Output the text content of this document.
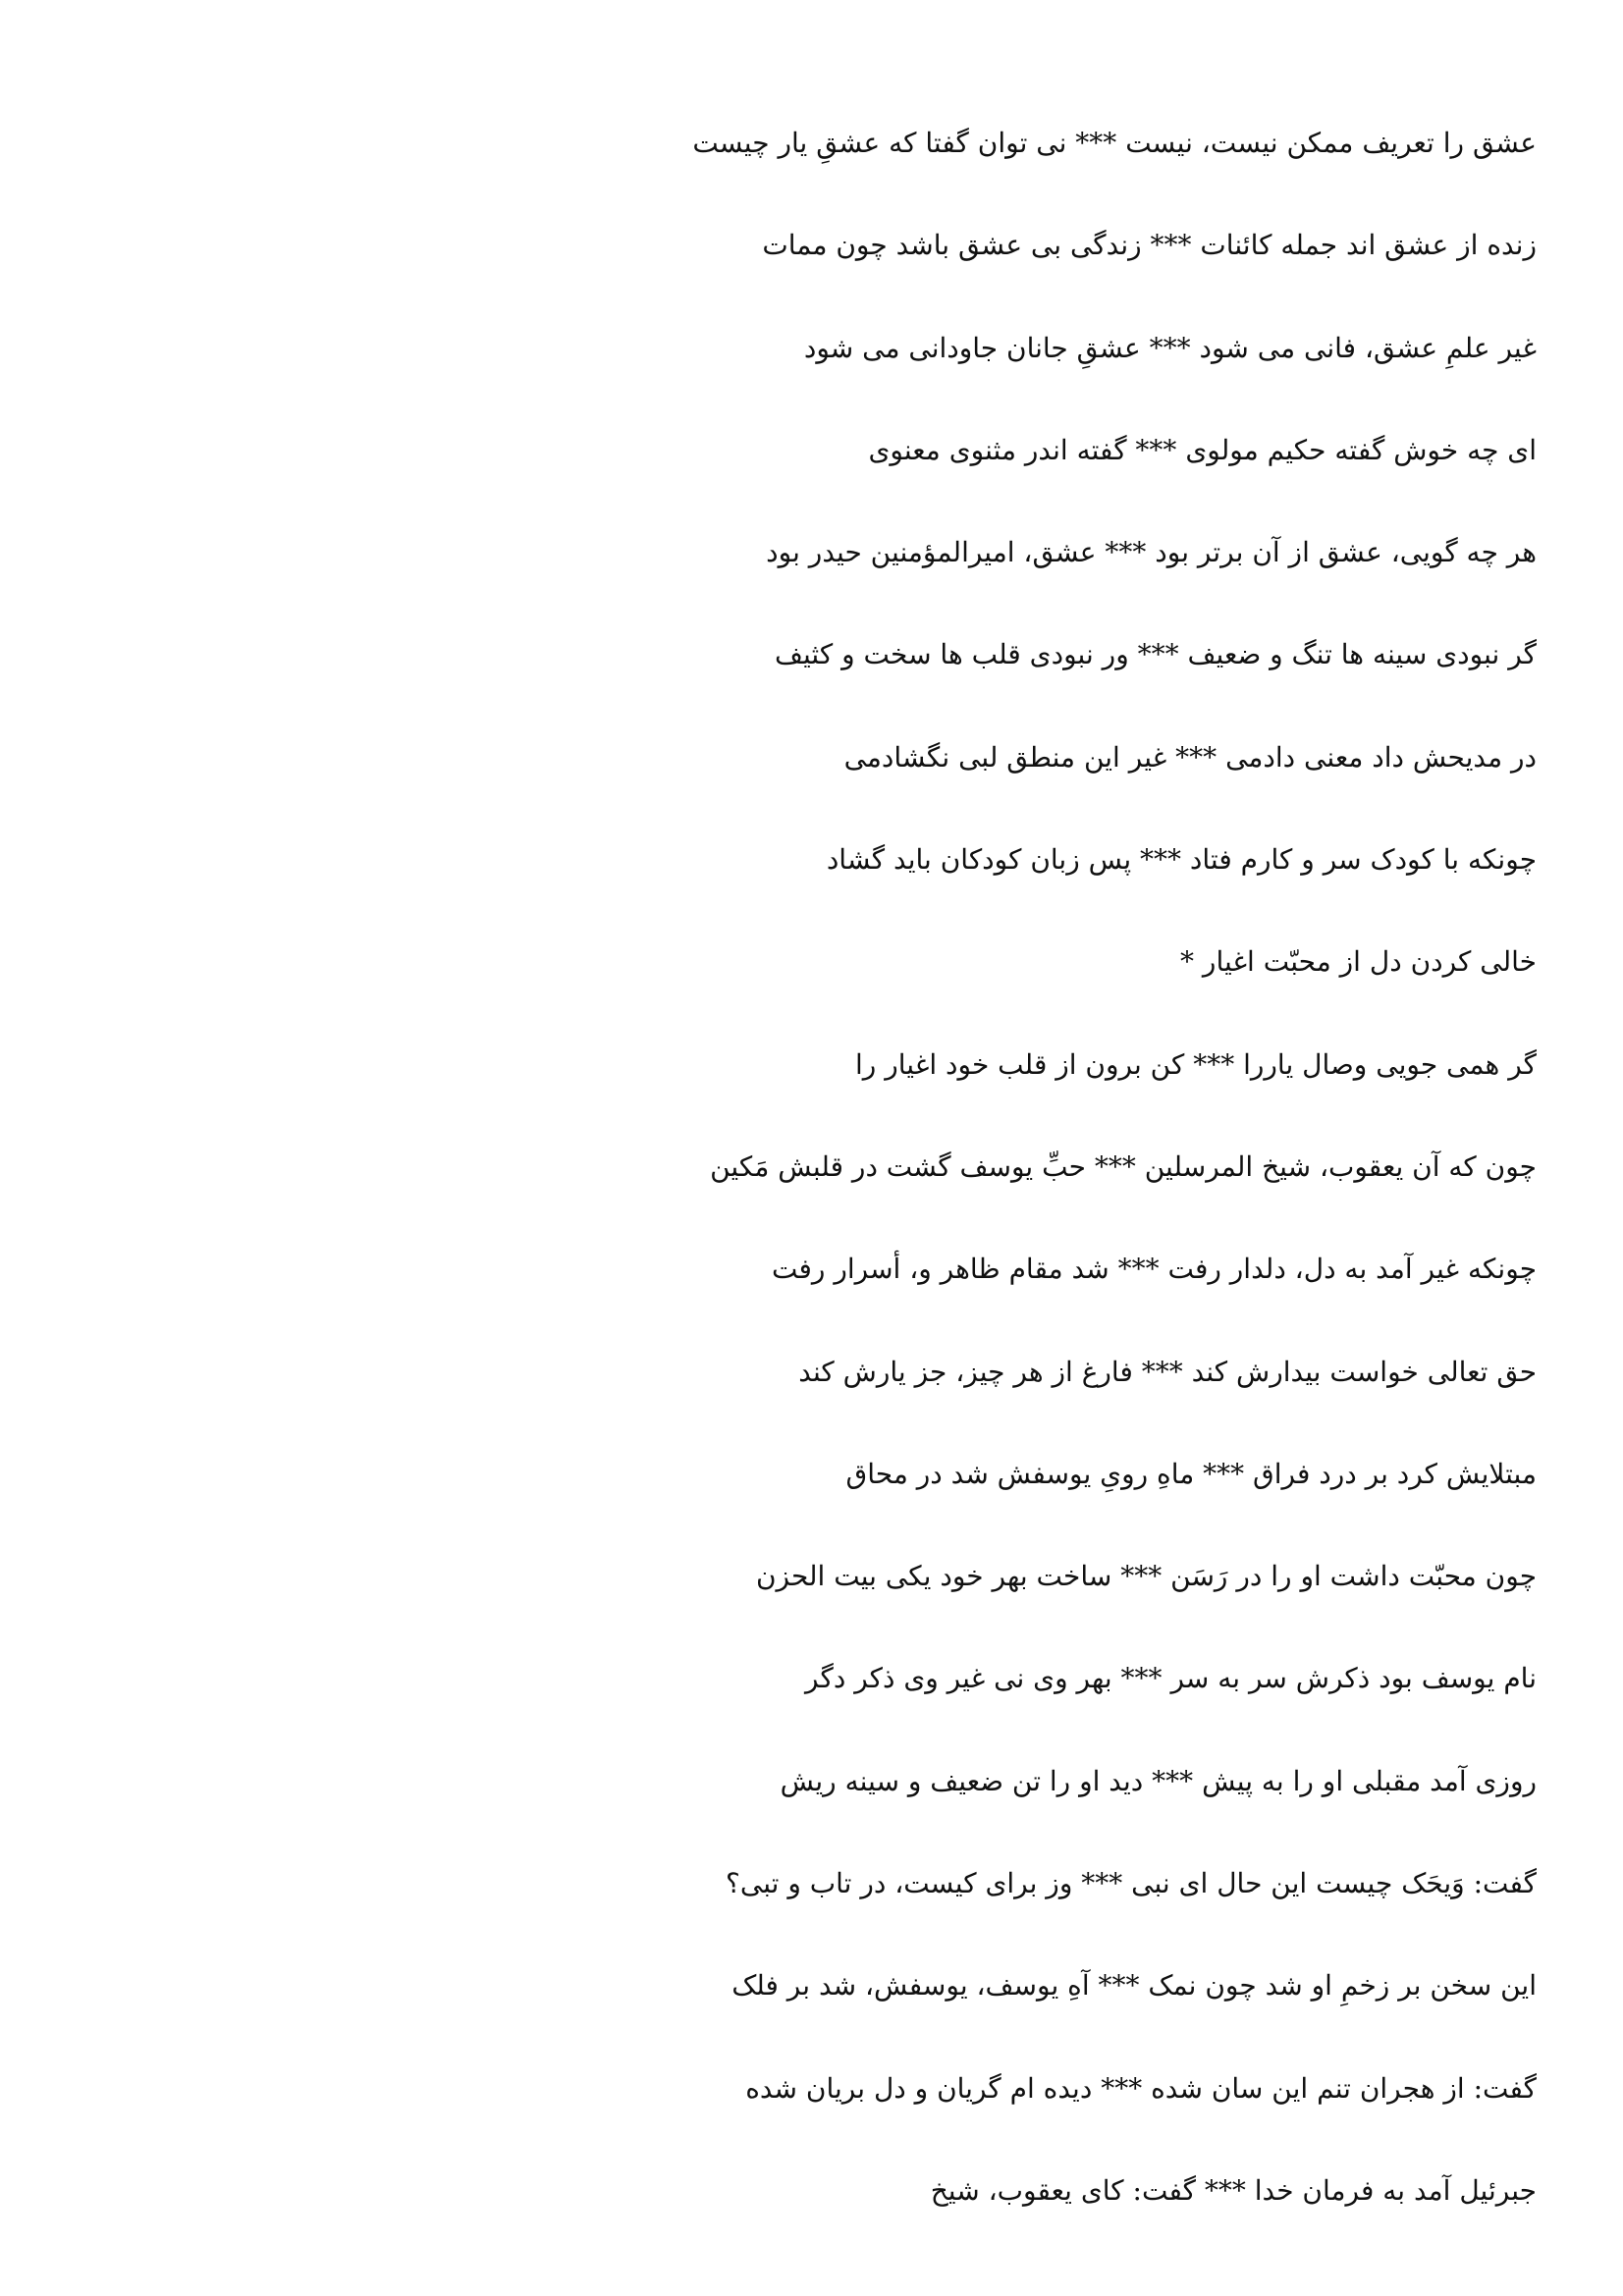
عشق را تعریف ممکن نیست، نیست *** نی توان گفتا که عشقِ یار چیست
زنده از عشق اند جمله کائنات *** زندگی بی عشق باشد چون ممات
غیر علمِ عشق، فانی می شود *** عشقِ جانان جاودانی می شود
ای چه خوش گفته حکیم مولوی *** گفته اندر مثنوی معنوی
هر چه گویی، عشق از آن برتر بود *** عشق، امیرالمؤمنین حیدر بود
گر نبودی سینه ها تنگ و ضعیف *** ور نبودی قلب ها سخت و کثیف
در مدیحش داد معنی دادمی *** غیر این منطق لبی نگشادمی
چونکه با کودک سر و کارم فتاد *** پس زبان کودکان باید گشاد
خالی کردن دل از محبّت اغیار *
گر همی جویی وصال یاررا *** کن برون از قلب خود اغیار را
چون که آن یعقوب، شیخ المرسلین *** حبِّ یوسف گشت در قلبش مَکین
چونکه غیر آمد به دل، دلدار رفت *** شد مقام ظاهر و، أسرار رفت
حق تعالی خواست بیدارش کند *** فارغ از هر چیز، جز یارش کند
مبتلایش کرد بر درد فراق *** ماهِ رویِ یوسفش شد در محاق
چون محبّت داشت او را در رَسَن *** ساخت بهر خود یکی بیت الحزن
نام یوسف بود ذکرش سر به سر *** بهر وی نی غیر وی ذکر دگر
روزی آمد مقبلی او را به پیش *** دید او را تن ضعیف و سینه ریش
گفت: وَیحَک چیست این حال ای نبی *** وز برای کیست، در تاب و تبی؟
این سخن بر زخمِ او شد چون نمک *** آهِ یوسف، یوسفش، شد بر فلک
گفت: از هجران تنم این سان شده *** دیده ام گریان و دل بریان شده
جبرئیل آمد به فرمان خدا *** گفت: کای یعقوب، شیخ
